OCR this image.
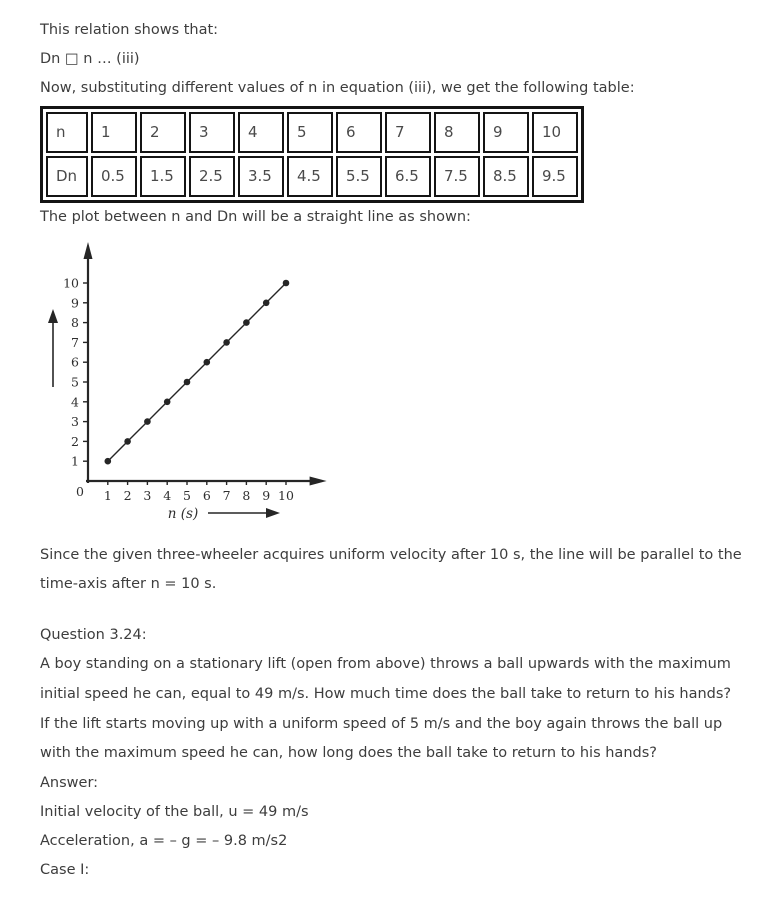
This relation shows that:

Dn □ n … (iii)

Now, substituting different values of n in equation (iii), we get the following table:

n	1	2	3	4	5	6	7	8	9	10
Dn	0.5	1.5	2.5	3.5	4.5	5.5	6.5	7.5	8.5	9.5

The plot between n and Dn will be a straight line as shown:

0 1 2 3 4 5 6 7 8 9 10
1
2
3
4
5
6
7
8
9
10
n (s)

Since the given three-wheeler acquires uniform velocity after 10 s, the line will be parallel to the time-axis after n = 10 s.

Question 3.24:

A boy standing on a stationary lift (open from above) throws a ball upwards with the maximum initial speed he can, equal to 49 m/s. How much time does the ball take to return to his hands? If the lift starts moving up with a uniform speed of 5 m/s and the boy again throws the ball up with the maximum speed he can, how long does the ball take to return to his hands?

Answer:

Initial velocity of the ball, u = 49 m/s

Acceleration, a = – g = – 9.8 m/s2

Case I:
